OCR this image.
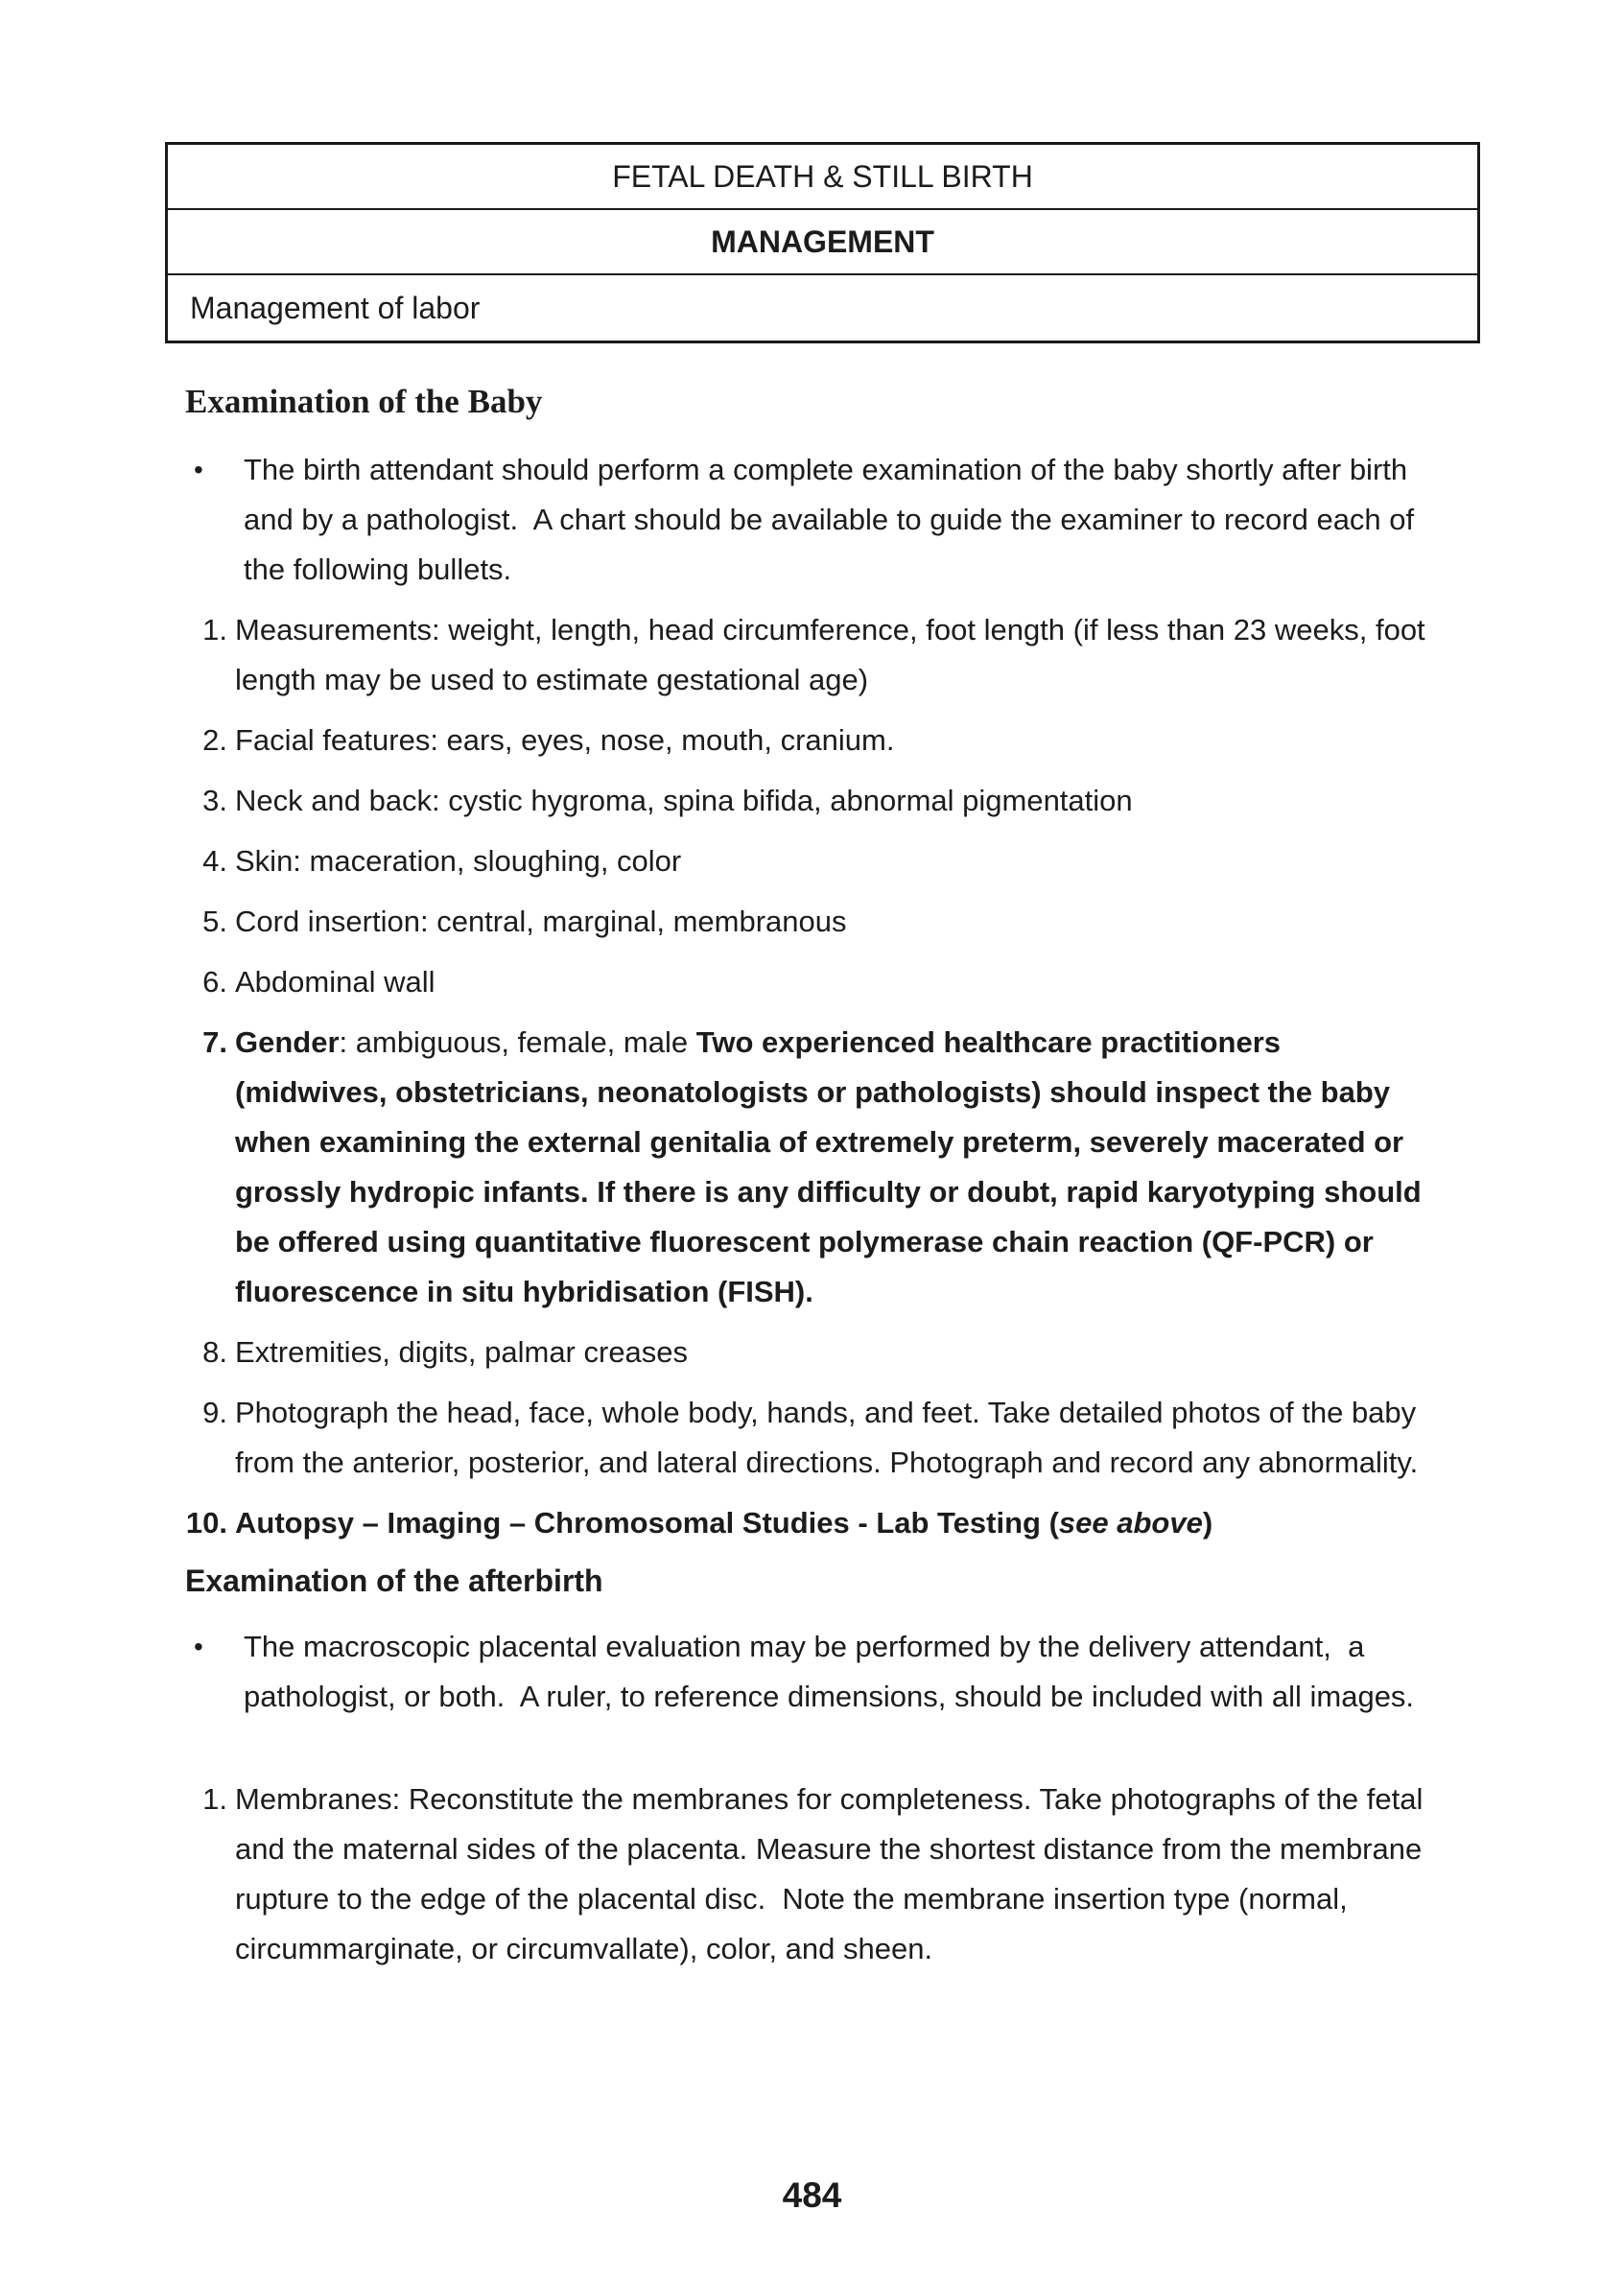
FETAL DEATH & STILL BIRTH
MANAGEMENT
Management of labor
Examination of the Baby
•	The birth attendant should perform a complete examination of the baby shortly after birth and by a pathologist.  A chart should be available to guide the examiner to record each of the following bullets.
1. Measurements: weight, length, head circumference, foot length (if less than 23 weeks, foot length may be used to estimate gestational age)
2. Facial features: ears, eyes, nose, mouth, cranium.
3. Neck and back: cystic hygroma, spina bifida, abnormal pigmentation
4. Skin: maceration, sloughing, color
5. Cord insertion: central, marginal, membranous
6. Abdominal wall
7. Gender: ambiguous, female, male Two experienced healthcare practitioners (midwives, obstetricians, neonatologists or pathologists) should inspect the baby when examining the external genitalia of extremely preterm, severely macerated or grossly hydropic infants. If there is any difficulty or doubt, rapid karyotyping should be offered using quantitative fluorescent polymerase chain reaction (QF-PCR) or fluorescence in situ hybridisation (FISH).
8. Extremities, digits, palmar creases
9. Photograph the head, face, whole body, hands, and feet. Take detailed photos of the baby from the anterior, posterior, and lateral directions. Photograph and record any abnormality.
10. Autopsy – Imaging – Chromosomal Studies - Lab Testing (see above)
Examination of the afterbirth
•	The macroscopic placental evaluation may be performed by the delivery attendant,  a pathologist, or both.  A ruler, to reference dimensions, should be included with all images.
1. Membranes: Reconstitute the membranes for completeness. Take photographs of the fetal and the maternal sides of the placenta. Measure the shortest distance from the membrane rupture to the edge of the placental disc.  Note the membrane insertion type (normal, circummarginate, or circumvallate), color, and sheen.
484
